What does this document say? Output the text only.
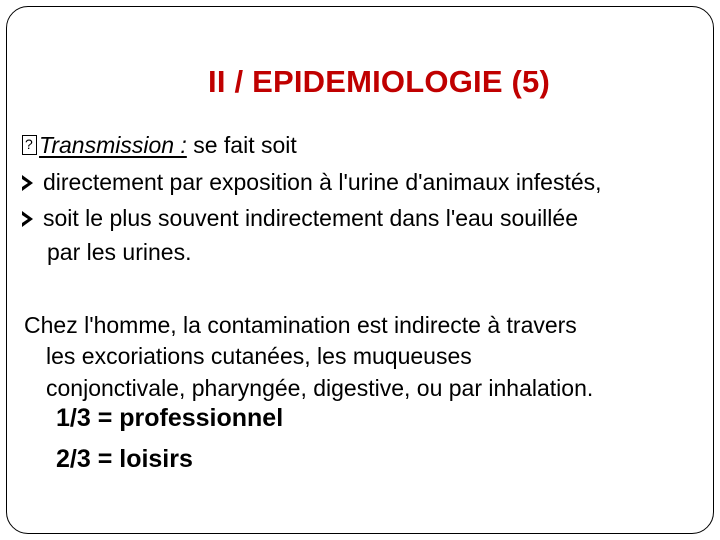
II / EPIDEMIOLOGIE (5)
?Transmission : se fait soit
directement par exposition à l'urine d'animaux infestés,
soit le plus souvent indirectement dans l'eau souillée
par les urines.
Chez l'homme, la contamination est indirecte à travers
les excoriations cutanées, les muqueuses
conjonctivale, pharyngée, digestive, ou par inhalation.
1/3 = professionnel
2/3 = loisirs
